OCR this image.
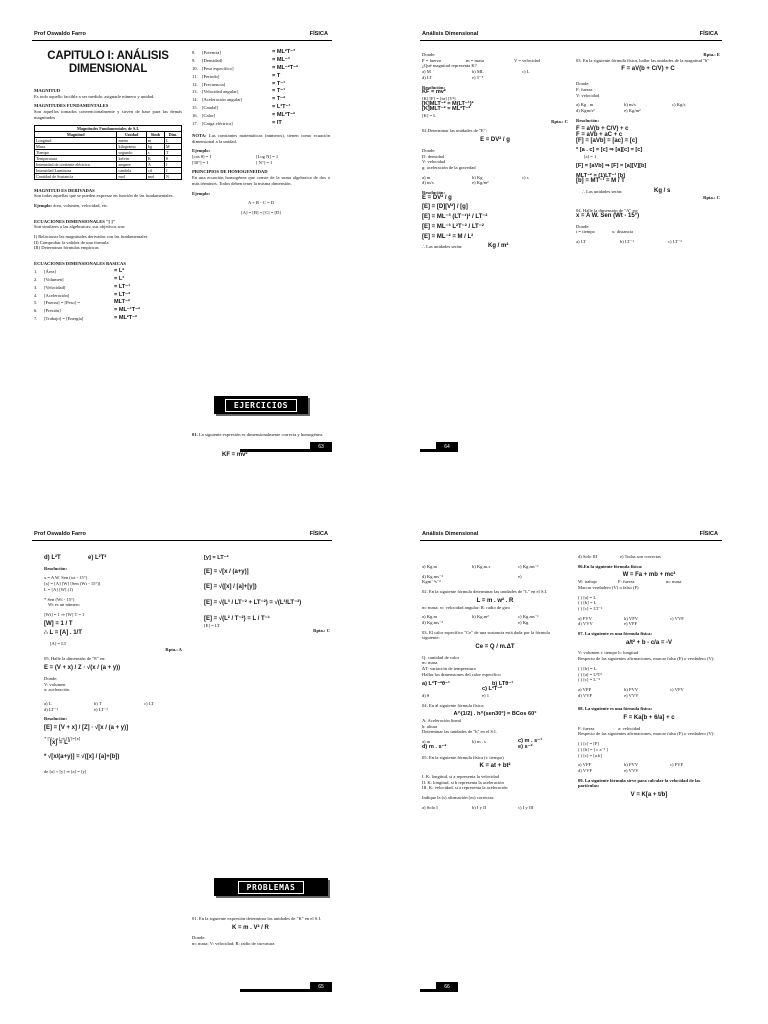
Prof Oswaldo Farro	FÍSICA
CAPITULO I: ANÁLISIS
DIMENSIONAL
MAGNITUD
Es todo aquello factible a ser medido, asignarle número y unidad.
MAGNITUDES FUNDAMENTALES
Son aquellos tomados convencionalmente y sirven de base para las demás magnitudes
Magnitudes Fundamentales de S.I.			
Magnitud	Unidad	Simb	Dim.
Longitud	metro	m	L
Masa	kilogramo	kg	M
Tiempo	segundo	s	T
Temperatura	kelvin	K	θ
Intensidad de corriente eléctrica	ampere	A	I
Intensidad Luminosa	candela	cd	J
Cantidad de Sustancia	mol	mol	N
MAGNITUD ES DERIVADAS
Son todas aquellas que se pueden expresar en función de las fundamentales.
Ejemplo: área, volumen, velocidad, etc.
ECUACIONES DIMENSIONALES "[ ]"
Son similares a las algebraicas: sus objetivos son:
I) Relacionar las magnitudes derivadas con las fundamentales
II) Comprobar la validez de una fórmula
III) Determinar fórmulas empíricas
ECUACIONES DIMENSIONALES BASICAS
1.	[Área]	= L²
2.	[Volumen]	= L³
3.	[Velocidad]	= LT⁻¹
4.	[Aceleración]	= LT⁻²
5.	[Fuerza] = [Peso] =	MLT⁻²
6.	[Presión]	= ML⁻¹T⁻²
7.	[Trabajo] = [Energía]	= ML²T⁻²
8.	[Potencia]	= ML²T⁻³
9.	[Densidad]	= ML⁻³
10. [Peso específico]	= ML⁻²T⁻²
11. [Periodo]	= T
12. [Frecuencia]	= T⁻¹
13. [Velocidad angular]	= T⁻¹
14. [Aceleración angular]	= T⁻²
15. [Caudal]	= L³T⁻¹
16. [Calor]	= ML²T⁻²
17. [Carga eléctrica]	= IT
NOTA: Las constantes matemáticas (números), tienen como ecuación dimensional a la unidad.
Ejemplo:
[cos θ] = 1	[Log N] = 1
[30°] = 1	[ N°] = 1
PRINCIPIOS DE HOMOGENEIDAD
En una ecuación homogénea que conste de la suma algebraica de dos o más términos. Todos deben tener la misma dimensión.
Ejemplo:
A + B - C = D
[A] = [B] = [C] = [D]
EJERCICIOS
01. La siguiente expresión es dimensionalmente correcta y homogénea.
KF = mv²
63
Análisis Dimensional	FÍSICA
Donde:
F = fuerza	m = masa	V = velocidad
¿Qué magnitud representa K?
a) M	b) ML	c) L
d) LT	e) T⁻²
Resolución:
KF = mv²
[K] [F] = [m] [V²]
[K]MLT⁻² = M(LT⁻¹)²
[K]MLT⁻² = ML²T⁻²
[K] = L
Rpta.: C
02.Determinar las unidades de "E":
E = DV² / g
Donde:
D: densidad
V: velocidad
g: aceleración de la gravedad
a) m	b) Kg	c) s
d) m/s	e) Kg/m²
Resolución:
E = DV² / g
[E] = [D][V²] / [g]
[E] = ML⁻³ (LT⁻¹)² / LT⁻²
[E] = ML⁻³ L²T⁻² / LT⁻²
[E] = ML⁻² = M / L²
∴ Las unidades serán:	Kg / m²
Rpta.: E
03. En la siguiente fórmula física, hallar las unidades de la magnitud "b"
F = aV(b + C/V) + C
Donde:
F: fuerza
V: velocidad
a) Kg . m	b) m/s	c) Kg/s
d) Kgm/s²	e) Kg/m²
Resolución:
F = aV(b + C/V) + c
F = aVb + aC + c
[F] = [aVb] = [ac] = [c]
* [a . c] = [c] ⇒ [a][c] = [c]
[a] = 1
[F] = [aVb] ⇒ [F] = [a][V][b]
MLT⁻² = (1)LT⁻¹ [b]
[b] = MT⁻¹ = M / T
∴ Las unidades serán:	Kg / s
Rpta.: C
04. Halle la dimensión de "A" en:
x = A W. Sen (Wt - 15°)
Donde:
t = tiempo	x: distancia
a) LT	b) LT⁻¹	c) LT⁻²
64
Prof Oswaldo Farro	FÍSICA
d) L²T	e) L²T²
Resolución:
x = A W. Sen (wt - 15°)
[x] = [A] [W] [Sen (Wt - 15°)]
L = [A] [W] (1)
* Sen (Wt - 15°)
Wt es un número
[Wt] = 1 ⇒ [W] T = 1
[W] = 1 / T
∴ L = [A] . 1/T
[A] = LT
Rpta.: A
05. Halle la dimensión de "E" en:
E = (V + x) / Z · √(x / (a + y))
Donde:
V: volumen
a: aceleración
a) L	b) T	c) LT
d) LT⁻¹	e) LT⁻²
Resolución:
[E] = [V + x] / [Z] · √[x / (a + y)]
* [V+ x] ⇒ [V]=[x]
[x] = L³
* √[x/(a+y)] = √([x] / [a]+[b])
de [a] + [y] ⇒ [a] = [y]
[y] = LT⁻²
[E] = √[x / (a+y)]
[E] = √([x] / [a]+[y])
[E] = √(L³ / LT⁻² + LT⁻²) = √(L³/LT⁻²)
[E] = √(L² / T⁻²) = L / T⁻¹
[E] = LT
Rpta.: C
PROBLEMAS
01. En la siguiente expresión determinar las unidades de "K" en el S.I.
K = m . V² / R
Donde:
m: masa; V: velocidad; R: radio de curvatura
65
Análisis Dimensional	FÍSICA
a) Kg.m	b) Kg.m.s	c) Kg.ms⁻¹
d) Kg.ms⁻²	e)
Kgm⁻¹s⁻²
02. En la siguiente fórmula determinar las unidades de "L" en el S.I.
L = m . w² . R
m: masa; w: velocidad angular; R: radio de giro
a) Kg.m	b) Kg.m²	c) Kg.ms⁻¹
d) Kg.ms⁻²	e) Kg
03. El calor específico "Ce" de una sustancia está dada por la fórmula siguiente:
Ce = Q / m.ΔT
Q: cantidad de calor
m: masa
ΔT: variación de temperatura
Hallar las dimensiones del calor específico
a) L²T⁻²θ⁻¹	b) LTθ⁻¹
c) L²T⁻²
d) θ	e) 1
04. En al siguiente fórmula física:
A^(1/2) . h^(sen30°) = BCos 60°
A: Aceleración lineal
h: altura
Determinar las unidades de "b" en el S.I.
a) m	b) m . s	c) m . s⁻¹
d) m . s⁻²	e) s⁻²
05. En la siguiente fórmula física (t: tiempo)
K = at + bt²
I. K: longitud, si a representa la velocidad
II. K: longitud, si b representa la aceleración
III. K: velocidad, si a representa la aceleración
Indique la (s) afirmación (es) correctas:
a) Solo I	b) I y II	c) I y III
d) Solo III	e) Todas son correctas
06.En la siguiente fórmula física:
W = Fa + mb + mc²
W: trabajo	F: fuerza	m: masa
Marcar verdadero (V) o falso (F)
( ) [a] = L
( ) [b] = L
( ) [c] = LT⁻¹
a) FVV	b) VFV	c) VVF
d) VVV	e) VFF
07. La siguiente es una fórmula física:
a/t² + b - c/a = -V
V: volumen t: tiempo h: longitud
Respecto de las siguientes afirmaciones, marcar falso (F) o verdadero (V):
( ) [b] = L
( ) [a] = L³T³
( ) [c] = L⁻²
a) VFF	b) FVV	c) VFV
d) VVF	e) VVV
08. La siguiente es una fórmula física:
F = Ka[b + 6/a] + c
F: fuerza	a: velocidad
Respecto de las siguientes afirmaciones, marcar falso (F) o verdadero (V):
( ) [c] = [F]
( ) [b] = [ c a⁻¹ ]
( ) [c] = [a.b]
a) VFF	b) FVV	c) FVF
d) VVF	e) VVV
09. La siguiente fórmula sirve para calcular la velocidad de las partículas:
V = K[a + t/b]
66
